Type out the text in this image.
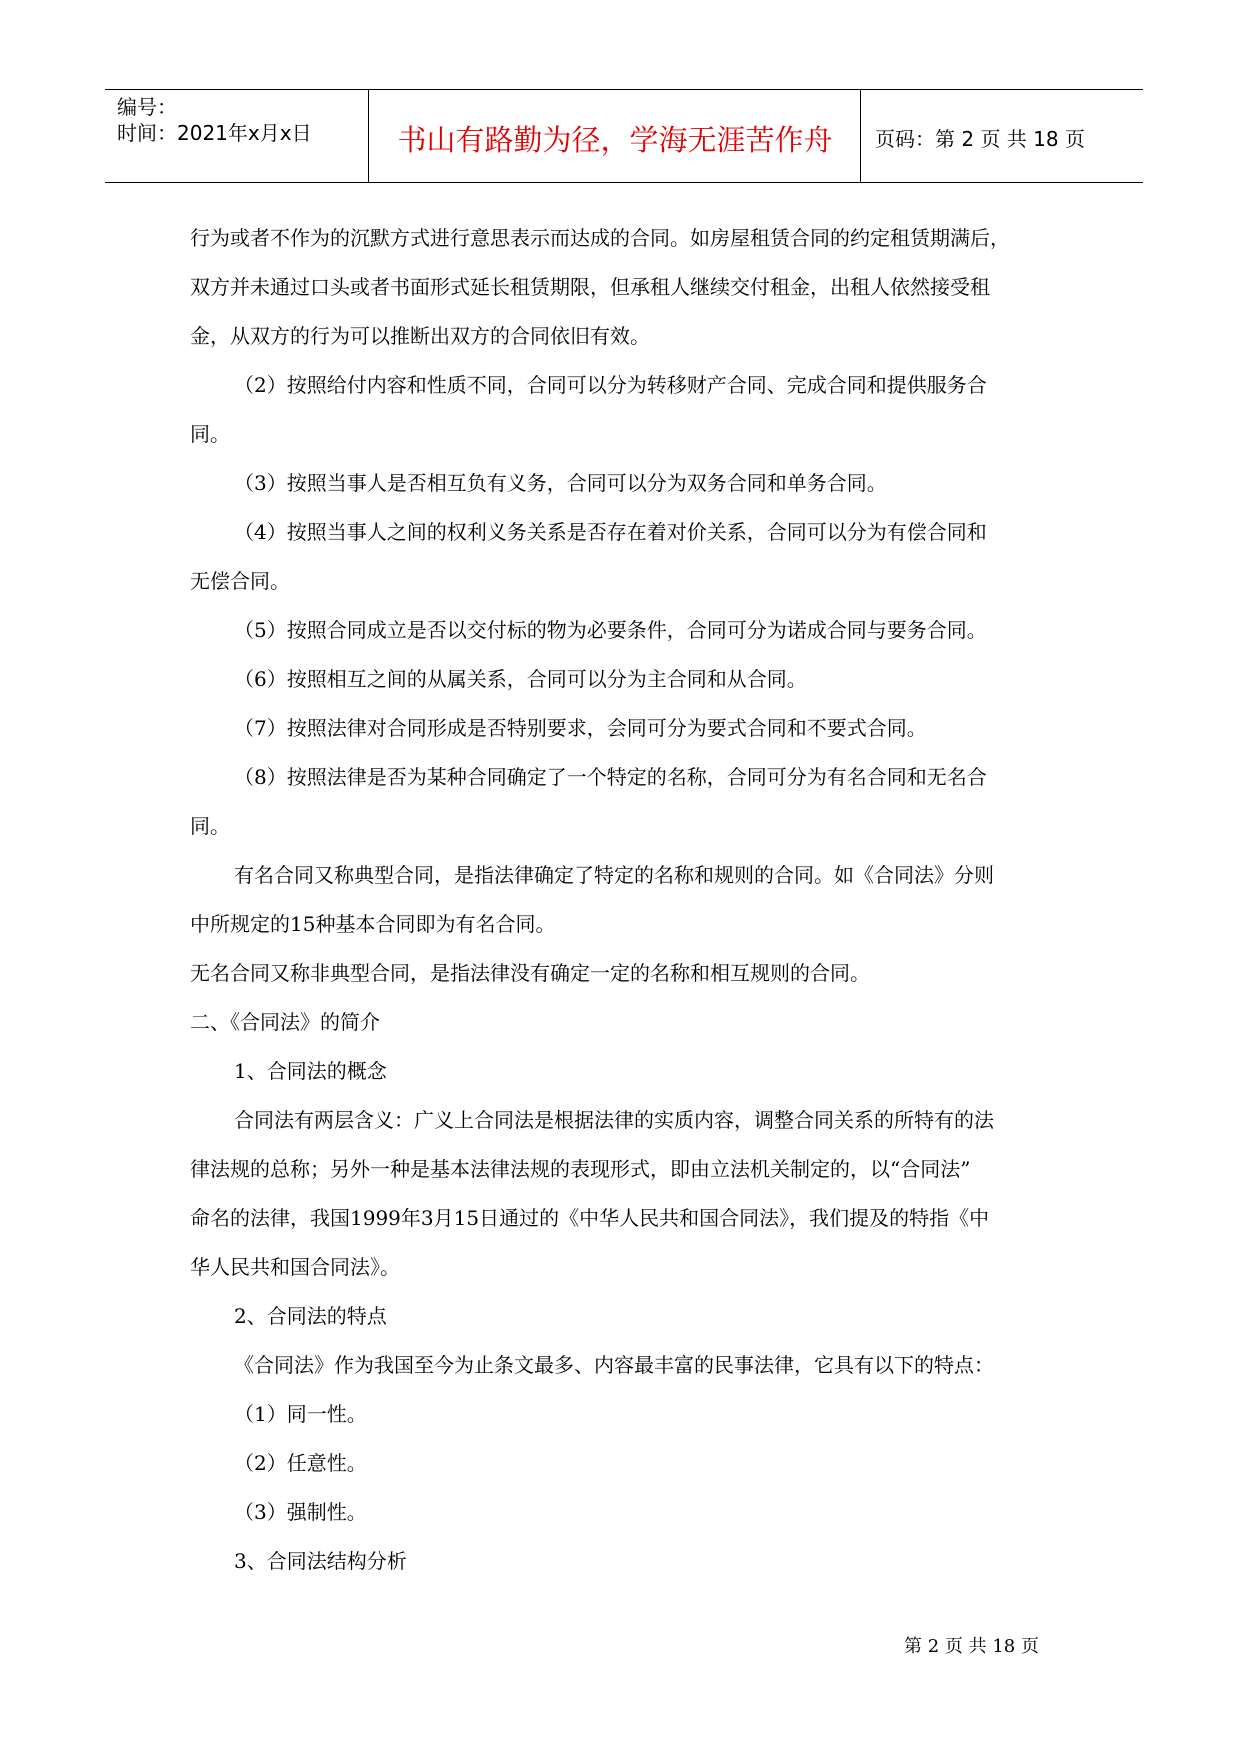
编号：
时间：2021年x月x日	书山有路勤为径，学海无涯苦作舟	页码：第 2 页 共 18 页

行为或者不作为的沉默方式进行意思表示而达成的合同。如房屋租赁合同的约定租赁期满后，

双方并未通过口头或者书面形式延长租赁期限，但承租人继续交付租金，出租人依然接受租

金，从双方的行为可以推断出双方的合同依旧有效。

（2）按照给付内容和性质不同，合同可以分为转移财产合同、完成合同和提供服务合

同。

（3）按照当事人是否相互负有义务，合同可以分为双务合同和单务合同。

（4）按照当事人之间的权利义务关系是否存在着对价关系，合同可以分为有偿合同和

无偿合同。

（5）按照合同成立是否以交付标的物为必要条件，合同可分为诺成合同与要务合同。

（6）按照相互之间的从属关系，合同可以分为主合同和从合同。

（7）按照法律对合同形成是否特别要求，会同可分为要式合同和不要式合同。

（8）按照法律是否为某种合同确定了一个特定的名称，合同可分为有名合同和无名合

同。

有名合同又称典型合同，是指法律确定了特定的名称和规则的合同。如《合同法》分则

中所规定的15种基本合同即为有名合同。

无名合同又称非典型合同，是指法律没有确定一定的名称和相互规则的合同。

二、《合同法》的简介

1、合同法的概念

合同法有两层含义：广义上合同法是根据法律的实质内容，调整合同关系的所特有的法

律法规的总称；另外一种是基本法律法规的表现形式，即由立法机关制定的，以“合同法”

命名的法律，我国1999年3月15日通过的《中华人民共和国合同法》，我们提及的特指《中

华人民共和国合同法》。

2、合同法的特点

《合同法》作为我国至今为止条文最多、内容最丰富的民事法律，它具有以下的特点：

（1）同一性。

（2）任意性。

（3）强制性。

3、合同法结构分析

第 2 页 共 18 页
